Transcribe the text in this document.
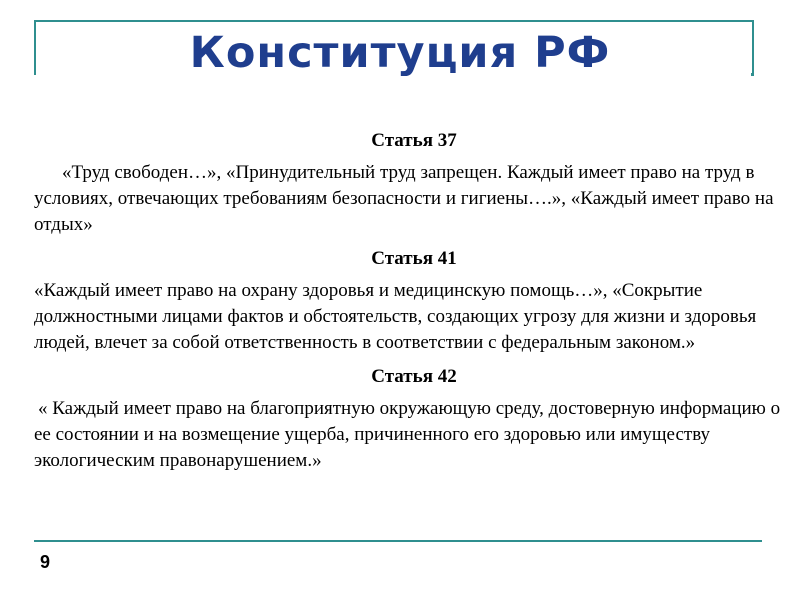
Конституция РФ
Статья 37

«Труд свободен…», «Принудительный труд запрещен. Каждый имеет право на труд в условиях, отвечающих требованиям безопасности и гигиены….», «Каждый имеет право на отдых»

Статья 41

«Каждый имеет право на охрану здоровья и медицинскую помощь…», «Сокрытие должностными лицами фактов и обстоятельств, создающих угрозу для жизни и здоровья людей, влечет за собой ответственность в соответствии с федеральным законом.»

Статья 42

« Каждый имеет право на благоприятную окружающую среду, достоверную информацию о ее состоянии и на возмещение ущерба, причиненного его здоровью или имуществу экологическим правонарушением.»

9
